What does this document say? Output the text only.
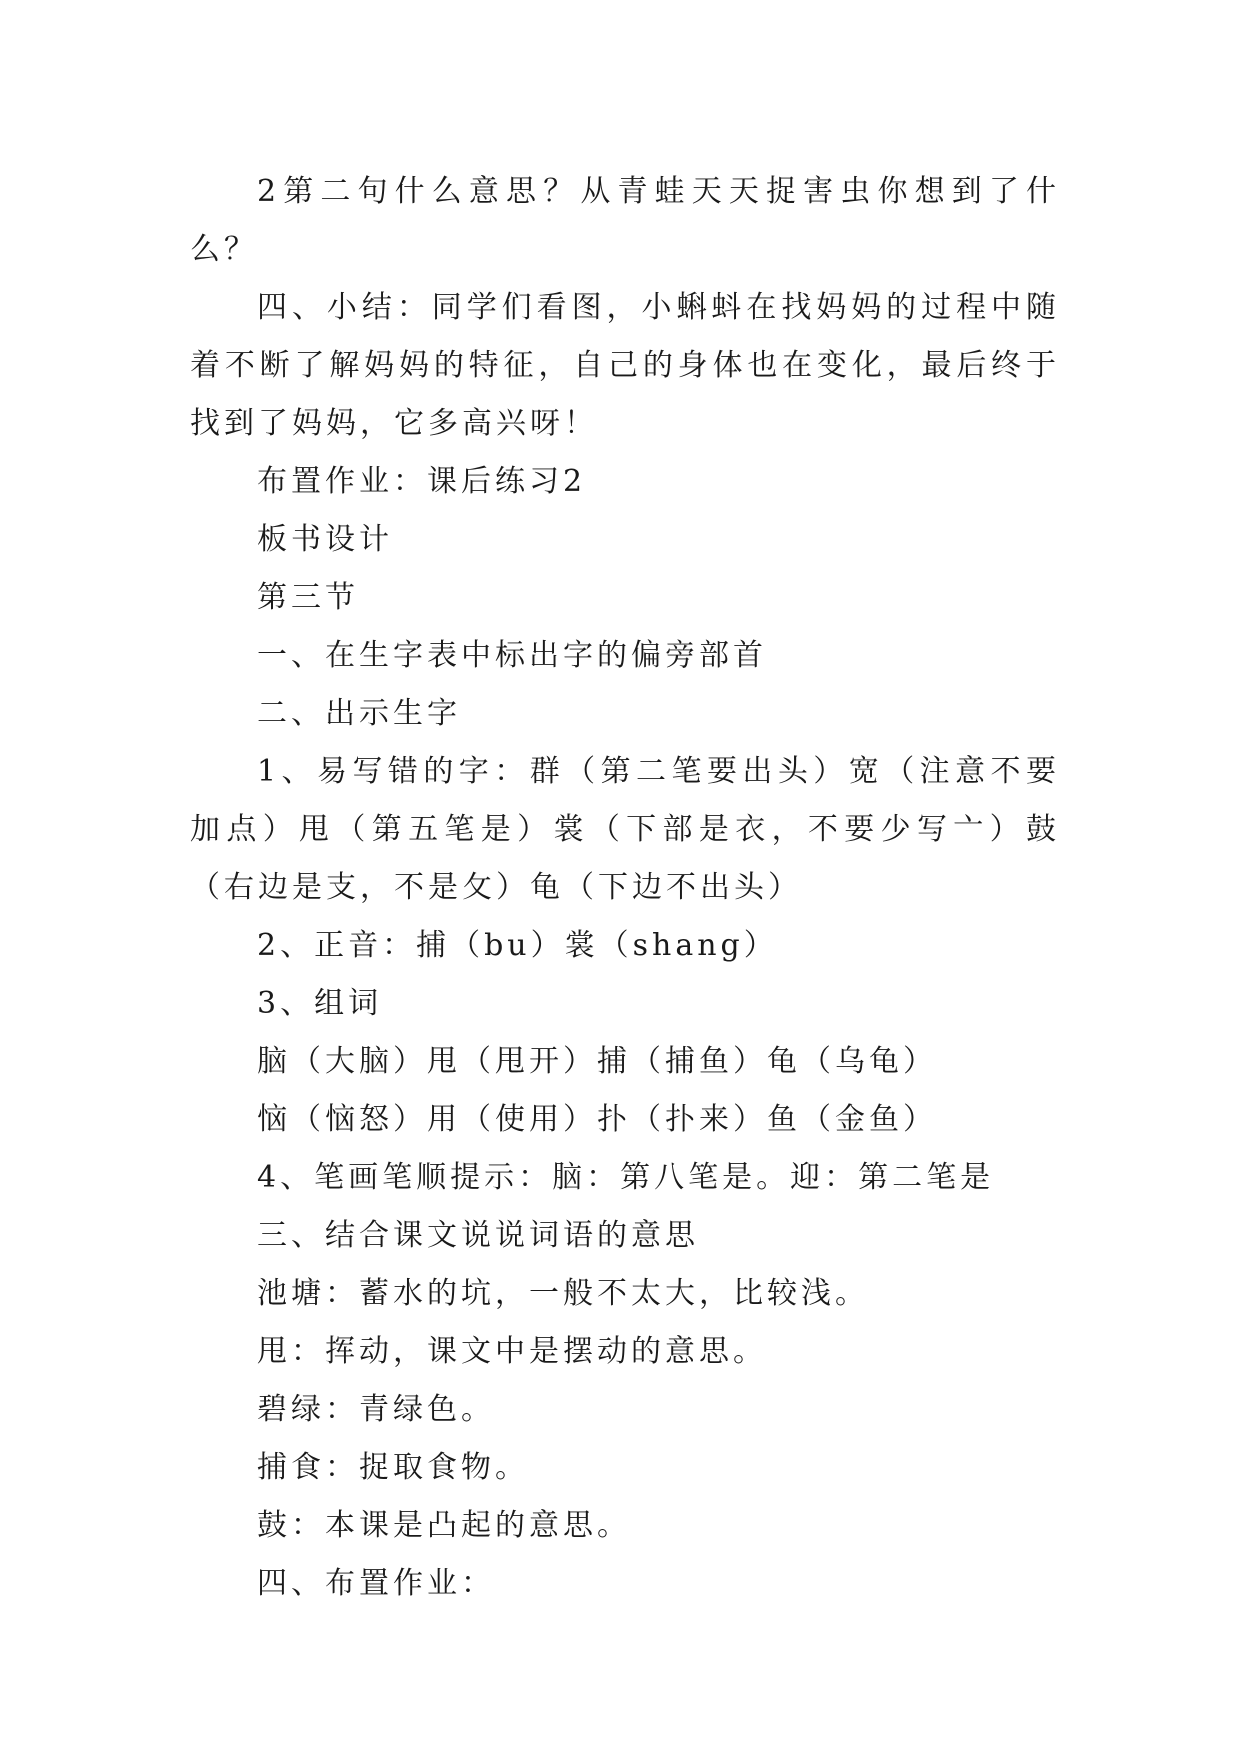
2第二句什么意思？从青蛙天天捉害虫你想到了什么？

四、小结：同学们看图，小蝌蚪在找妈妈的过程中随着不断了解妈妈的特征，自己的身体也在变化，最后终于找到了妈妈，它多高兴呀！

布置作业：课后练习2

板书设计

第三节

一、在生字表中标出字的偏旁部首

二、出示生字

1、易写错的字：群（第二笔要出头）宽（注意不要加点）甩（第五笔是）裳（下部是衣，不要少写亠）鼓（右边是支，不是攵）龟（下边不出头）

2、正音：捕（bu）裳（shang）

3、组词

脑（大脑）甩（甩开）捕（捕鱼）龟（乌龟）

恼（恼怒）用（使用）扑（扑来）鱼（金鱼）

4、笔画笔顺提示：脑：第八笔是。迎：第二笔是

三、结合课文说说词语的意思

池塘：蓄水的坑，一般不太大，比较浅。

甩：挥动，课文中是摆动的意思。

碧绿：青绿色。

捕食：捉取食物。

鼓：本课是凸起的意思。

四、布置作业：
